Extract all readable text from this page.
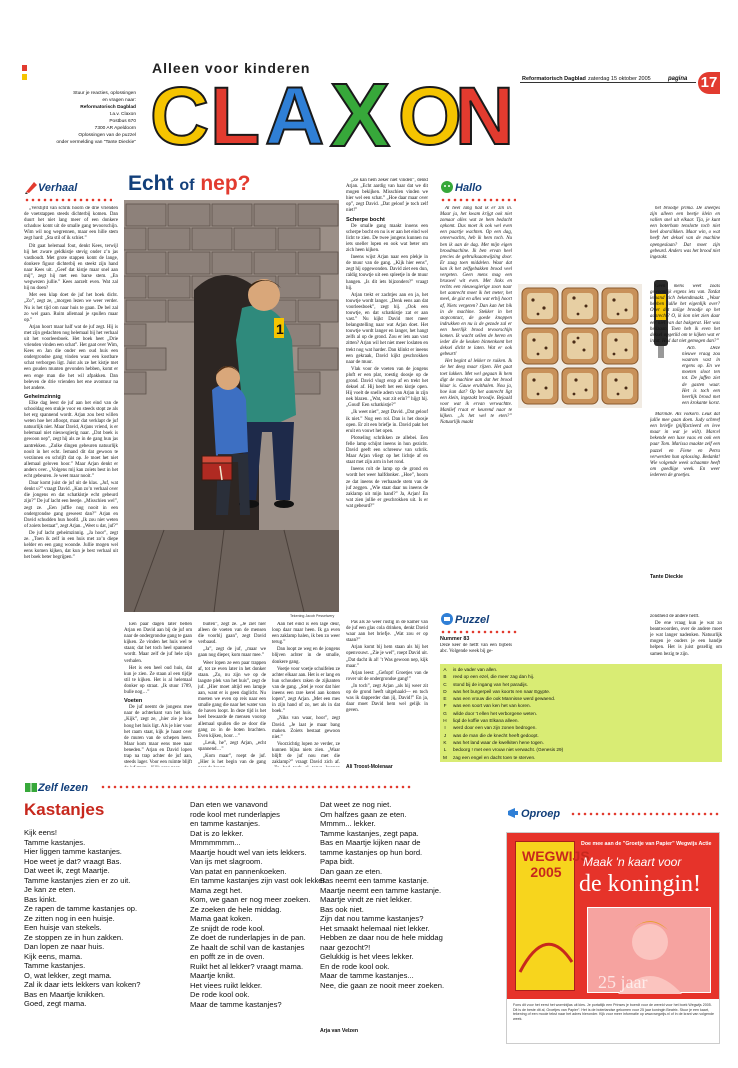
Alleen voor kinderen
C L A X O
N Reformatorisch Dagblad zaterdag 15 oktober 2005	pagina 17
Stuur je reacties, oplossingen
en vragen naar:
Reformatorisch Dagblad
t.a.v. Claxon
Postbus 670
7300 AR Apeldoorn
Oplossingen van de puzzel
onder vermelding van "Tante Dieckie"
Verhaal Echt of nep?
1
Tekening Jacob Pesselwery

„Verstijfd van schrik hoorn de drie vrienden de voetstappen steeds dichterbij komen. Dan duurt het niet lang meer of een donkere schaduw komt uit de smalle gang tevoorschijn. Wim wil nog wegrennen, maar een hille stem zegt hard: „Sta stil of ik schiet.”

Dit gaat helemaal fout, denkt Kees, terwijl hij het zware geldkistje stevig onder z’n jas vasthoudt. Met grote stappen komt de lange, donkere figuur dichterbij en steekt zijn hand naar Kees uit. „Geef dat kistje maar snel aan mij”, zegt hij met een barse stem. „En wegwezen jullie.” Kees aarzelt even. Wat zal hij nu doen?

Met een klap doet de juf het boek dicht. „Zo”, zegt ze, „morgen lezen we weer verder. Nu is het tijd om naar huis te gaan. De bel zal zo wel gaan. Ruim allemaal je spullen maar op.”

Arjan hoort maar half wat de juf zegt. Hij is met zijn gedachten nog helemaal bij het verhaal uit het voorleesboek. Het boek heet „Drie vrienden vinden een schat”. Het gaat over Wim, Kees en Jan die onder een oud huis een ondergrondse gang vinden waar een kostbare schat verborgen ligt. Juist als ze het kistje met een gouden munten gevonden hebben, komt er een enge man die het wil afpakken. Dan beleven de drie vrienden het ene avontuur na het andere.

Geheimzinnig

Elke dag leest de juf aan het eind van de schooldag een stukje voor en steeds stopt ze als het erg spannend wordt. Arjan zou best willen weten hoe het afloopt, maar dat verklapt de juf natuurlijk niet. Maar David, Arjans vriend, is er helemaal niet nieuwsgierig naar. „Dat boek is gewoon nep”, zegt hij als ze in de gang hun jas aantrekken. „Zulke dingen gebeuren natuurlijk nooit in het echt. Iemand dit dat gewoon te verzinnen en schrijft dat op. Je moet het niet allemaal geloven hoor.” Maar Arjan denkt er anders over. „Volgens mij kan zoiets best in het echt gebeuren. Je weet maar nooit.”

Daar komt juist de juf uit de klas. „Juf, wat denkt u?” vraagt David. „Kan zo’n verhaal over die jongens en dat schatkistje echt gebeurd zijn?” De juf lacht een beetje. „Misschien wel”, zegt ze. „Een juffie nog nooit in een ondergrondse gang geweest dan?” Arjan en David schudden hun hoofd. „Ik zou niet weten of zoiets bestaat”, zegt Arjan. „Weet u dat, juf?”

De juf lacht geheimzinnig. „Ja hoor”, zegt ze. „Toen ik zelf in een huis met zo’n diepe kelder en een gang woonde. Jullie mogen wel eens komen kijken, dat kun je best verhaal uit het boek beter begrijpen.”

Een paar dagen later bellen Arjan en David aan bij de juf om naar de ondergrondse gang te gaan kijken. Ze vinden het huis wel te staan; dat het toch heel spannend wordt. Maar zelf de juf hele zijn verhalen.

Het is een heel oud huis, dat kun je zien. Ze staan al een tijdje stil te kijken. Het is al helemaal donker op straat. „Ik stuur 1789, bulle nog…”

Voeten

De juf neemt de jongens mee naar de achterkant van het huis. „Kijk”, zegt ze, „hier zie je hoe hoog het huis ligt. Als je hier voor het raam staat, kijk je haast over de muren van de schepen heen. Maar kom maar eens mee naar beneden.” Arjan en David lopen trap na trap achter de juf aan, steeds lager. Voor een ruimte blijft

buiten”, zegt ze. „Je ziet hier alleen de voeten van de mensen die voorbij gaan”, zegt David verbaasd.

„Ja”, zegt de juf, „maar we gaan nog dieper, kom maar mee.”

Weer lopen ze een paar trappen af, tot ze even later in het donker staan. „Zo, nu zijn we op de laagste plek van het huis”, zegt de juf. „Hier moet altijd een lampje aan, want er is geen daglicht. Nu moeten we even op reis naar een smalle gang die naar het water van de haven loopt. In deze tijd is het heel bewaarde de mensen voorop allemaal spullen die ze door die gang zo in de boten brachten. Even kijken, hoor…”

„Leuk, he”, zegt Arjan, „echt spannend…”

„Kom maar”, roept de juf. „Hier is het begin van de gang

Aan het eind is een lage deur, loop daar maar heen. Ik ga even een zaklamp halen, ik ben zo weer terug.”

Dan loopt ze weg en de jongens blijven achter in de smalle, donkere gang.

Voetje voor voetje schuifelen ze achter elkaar aan. Het is er lang en hun schouders raken de zijkanten van de gang. „Stel je voor dat hier ineens een rare kerel aan komen lopen”, zegt Arjan. „Met een mes in zijn hand of zo, net als in dat boek.”

„Niks van waar, hoor”, zegt David. „Je laat je maar bang maken. Zoiets bestaat gewoon niet.”

Voorzichtig lopen ze verder, ze kunnen bijna niets zien. „Waar blijft de juf nou met die zaklamp?” vraagt David zich af.

„Ze kan hem zeker niet vinden”, denkt Arjan. „Echt aardig van haar dat we dit mogen bekijken. Misschien vinden we hier wel een schat.” „Hoe daar maar over op”, zegt David. „Dat geloof je toch zelf niet!”

Scherpe bocht

De smalle gang maakt inoens een scherpe bocht en nu is er aan het eind wel licht te zien. De twee jongens kunnen nu iets sneller lopen en ook wat beter om zich heen kijken.

Ineens wijst Arjan naar een plekje in de muur van de gang. „Kijk hier eens”, zegt hij opgewonden. David ziet een dun, raldig touwtje uit een spleetje in de muur hangen. „Is dit iets bijzonders?” vraagt hij.

Arjan trekt er zachtjes aan en ja, het touwtje wordt langer. „Denk eens aan dat voorleesboek”, zegt hij. „Ook een touwtje, en dat schatkistje zat er aan vast.” Nu kijkt David met meer belangstelling naar wat Arjan doet. Het touwtje wordt langer en langer, het hangt zelfs al op de grond. Zou er iets aan vast zitten? Arjan wil het niet meer loslaten en trekt nog wat harder. Dan klinkt er ineens een gekraak, David kijkt geschrokken naar de muur.

Vlak voor de voeten van de jongens ploft er een plat, roestig doosje op de grond. David vlugt erop af en trekt het deksel af. Hij heeft het een kistje open. Hij voelt de snelle adem van Arjan in zijn nek blazen. „Wat, wat zit erin?” hijgt hij. „Goud! Een schatkistje?”

„Ik weet niet”, zegt David. „Dat geloof ik niet.” Nog een rol. Dan is het doosje open. Er zit een briefje in. David pakt het eruit en vouwt het open.

Plotseling schrikken ze allebei. Een felle lamp schijnt ineens in hun gezicht. David geeft een schreeuw van schrik. Maar Arjan vliegt op het lichtje af en staat met zijn arm in het rond.

Ineens rolt de lamp op de grond en wordt het weer halfdonker. „Hoe”, hoorn ze dat ineens de verbaasde stem van de juf zeggen. „Wie staat daar nu ineens de zaklamp uit mijn hand?” Ja, Arjan! En wat zien jullie er geschrokken uit. Is er wat gebeurd?”

Pas als ze weer rustig in de kamer van de juf een glas cola drinken, denkt David waar aan het briefje. „Wat zou er op staan?”

Arjan komt bij hem staan als hij het openvouwt. „Zie je wel”, roept David uit. „Dat dacht ik al! ’t Was gewoon nep, kijk maar.”

Arjan leest: „Gefopt! Groetjes van de rover uit de ondergrondse gang!”

„In toch”, zegt Arjan „als hij weer zit op de grond heeft uitgehaald— en toch was ik dapperder dan jij, David!” En ja, daar moet David hem wel gelijk in geven.

Ali Troost-Molenaar
Hallo

Al heel lang had ik er zin in. Maar ja, het kwam krijgt ook niet zomaar alles wat ze hem bedacht opkomt. Dus moet ik ook wel even een paartje wachten. Op een dag, onverwachts, heb ik hem toch. Nu ben ik aan de dag. Met mijn eigen broodmachine. Ik ben ervan heel precies de gebruiksaanwijzing door. Er zaag toen middelen. Waar dat kan ik het zelfgebakken brood veel vergeten. Geen mens mag een bruswel wit even. Met links en rechts een nieuwsgierige zoon naar het aanrecht moet ik het meter, het meel, de gist en alles wat erbij hoort af, Niets vergeten? Dan kan het bik in de machine. Stekker in het stopcontact, de goede knoppen indrukken en nu is de gezode zal er een heerlijk brood tevoorschijn komen. Ik wacht sellen de heren en ieder die de keuken binnenkomt het deksel dicht te laten. Wat er ook gebeurt!

Het begint al lekker te ruiken. Ik zie het deeg maar rijzen. Het gaat toet lukken. Met wel gegaan ik hem digt de machine aan dat het brood klaar is. Gauw eruithalen. Nou ja, hoe kan dat? Op het aanrecht ligt een klein, ingezakt broodje. Bejaald voor wat ik ervan verwachtte. Manlief rraat er keurend naar te kijken. „Is het wel te eten?” Natuurlijk maakt

het broodje prima. De sneetjes zijn alleen een beetje klein en vallen snel uit elkaar. Tja, je kunt een boterham tenslotte toch niet heel doorslikken. Maar win, o wat heeft het deksel van de machine opengeslaan? Dat moet zijn gebeurd. Anders was het brood niet ingezakt.

Geen mens weet zoals gewoonlijk ergens iets van. Totdat iemand zich bekendmaakt. „Waar hebben jullie het eigenlijk over? Over dat zoiïge broodje op het aanrecht? O, ik kon niet zien daar eer niet van dat bakgerat. Het was heilzaan. Toen heb ik even het deksel opgetild om te kijken wat er inzat. Had dat niet gemogen dan?”

Ach. Deze nieuwe vraag zou waarom vast in ergens op. En we moeten sloot ten tot. De juffen ziet de gasten waar. Het is toch een heerlijk brood met een krokante korst.

Marinde. Als volkorn. Leuk dat jullie mee gaan doen. Judy schreef een briefje (pijlfactieerd en leve maar in wat je wilt). Marcel bekende een luxe vaas en ook een paar Tom. Marissa maakte zelf een puzzel en Fiene en Petra verwerden hun oplossing. Bedankt! Wie volgende week schaamte heeft om goedlige week. En weer iedereen de groetjes.

Tante Dieckie
Puzzel
Nummer 83

Deze keer de hefft van een bijbels abc. Volgende week bij ge-

zondheid de andere helft.

De ene vraag kun je wat zo beantwoorden, over de andere moet je wat langer nadenken. Natuurlijk mogen je ouders je een handje helpen. Het is juist gezellig om samen bezig te zijn.

A	is de vader van allen.
B	reed op een ezel, die meer zag dan hij.
C	stond bij de ingang van het paradijs.
D	was het burgerpeil van koorts ren naar Egypte.
E	was een vrouw die ook Mannisse werd gewaend.
F	was een soort van ken het van koren.
G	wilde door 't ellen het verborgene weten.
H	liqd de koffie van Elkana alleen.
I	werd door een van zijn zonen bedrogen.
J	was de man die de knecht heeft gedoopt.
K	was het land waar de kwelkiten hene togen.
L	bedoorg ! met een vrouw niet verwacht. (Genesis 29)
M	zag een engel en dacht toen te sterven.
Zelf lezen
Kastanjes
Kijk eens!
Tamme kastanjes.
Hier liggen tamme kastanjes.
Hoe weet je dat? vraagt Bas.
Dat weet ik, zegt Maartje.
Tamme kastanjes zien er zo uit.
Je kan ze eten.
Bas kinkt.
Ze rapen de tamme kastanjes op.
Ze zitten nog in een huisje.
Een huisje van stekels.
Ze stoppen ze in hun zakken.
Dan lopen ze naar huis.
Kijk eens, mama.
Tamme kastanjes.
O, wat lekker, zegt mama.
Zal ik daar iets lekkers van koken?
Bas en Maartje knikken.
Goed, zegt mama.
Dan eten we vanavond
rode kool met runderlapjes
en tamme kastanjes.
Dat is zo lekker.
Mmmmmmm...
Maartje houdt wel van iets lekkers.
Van ijs met slagroom.
Van patat en pannenkoeken.
En tamme kastanjes zijn vast ook lekker.
Mama zegt het.
Kom, we gaan er nog meer zoeken.
Ze zoeken de hele middag.
Mama gaat koken.
Ze snijdt de rode kool.
Ze doet de runderlapjes in de pan.
Ze haalt de schil van de kastanjes
en pofft ze in de oven.
Ruikt het al lekker? vraagt mama.
Maartje knikt.
Het viees ruikt lekker.
De rode kool ook.
Maar de tamme kastanjes?
Dat weet ze nog niet.
Om halfzes gaan ze eten.
Mmmm... lekker.
Tamme kastanjes, zegt papa.
Bas en Maartje kijken naar de
tamme kastanjes op hun bord.
Papa bidt.
Dan gaan ze eten.
Bas neemt een tamme kastanje.
Maartje neemt een tamme kastanje.
Maartje vindt ze niet lekker.
Bas ook niet.
Zijn dat nou tamme kastanjes?
Het smaakt helemaal niet lekker.
Hebben ze daar nou de hele middag
naar gezocht?!
Gelukkig is het vlees lekker.
En de rode kool ook.
Maar de tamme kastanjes...
Nee, die gaan ze nooit meer zoeken.
Arja van Velzen
Oproep
WEGWIJS 2005
Doe mee aan de "Groetje van Papier" Wegwijs Actie
Maak 'n kaart voor
de koningin!
25 jaar
Fons dit voor het eerst het wormbijlas uit kies. Je portaltijk een Prinses je boerdt voor de wereld voor het boek Wegwijs 2005. Dit is de beste dit al, Groetjes van Papier”. Het is de boterlandse gekomen voor 25 jaar koningin Beatrix. Stuur je een kaart, tekening of een mooie tekst naar het adres hieronder. Kijk voor meer informatie op www.wegwijs.nl of in de krant van volgende week.
